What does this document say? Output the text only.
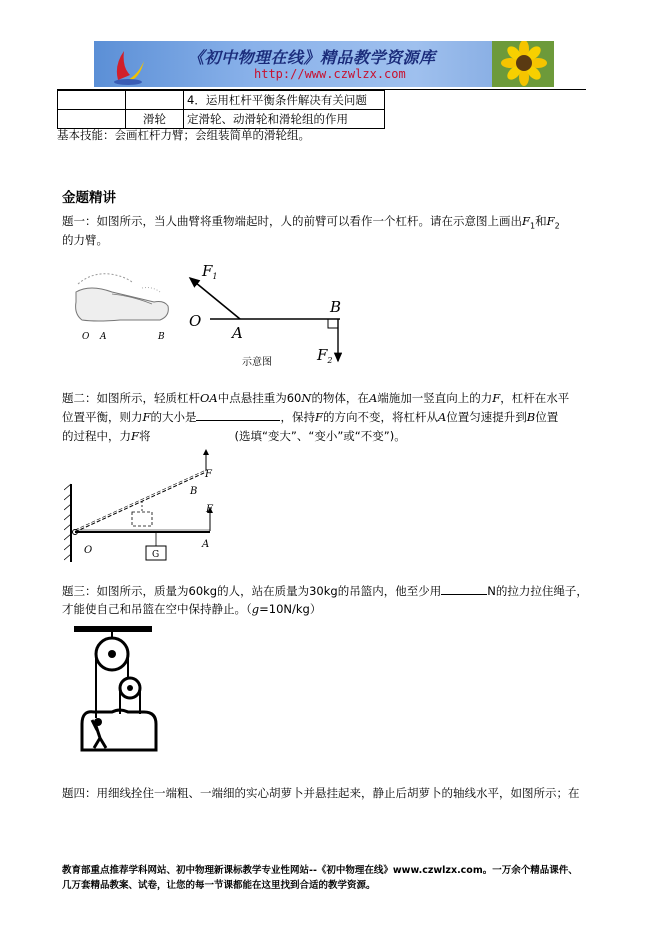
《初中物理在线》精品教学资源库
http://www.czwlzx.com
		4．运用杠杆平衡条件解决有关问题
	滑轮	定滑轮、动滑轮和滑轮组的作用
基本技能：会画杠杆力臂；会组装简单的滑轮组。
金题精讲
题一：如图所示，当人曲臂将重物端起时，人的前臂可以看作一个杠杆。请在示意图上画出$F_1$和$F_2$
的力臂。
O A	B
$F_1$
O
A
B
$F_2$
示意图
题二：如图所示，轻质杠杆OA中点悬挂重为60N的物体，在A端施加一竖直向上的力F，杠杆在水平
位置平衡，则力F的大小是	，保持F的方向不变，将杠杆从A位置匀速提升到B位置
的过程中，力F将	(选填“变大”、“变小”或“不变”)。
F
B
F
O	G
A
题三：如图所示，质量为60kg的人，站在质量为30kg的吊篮内，他至少用	N的拉力拉住绳子，
才能使自己和吊篮在空中保持静止。（g=10N/kg）
题四：用细线拴住一端粗、一端细的实心胡萝卜并悬挂起来，静止后胡萝卜的轴线水平，如图所示；在
教育部重点推荐学科网站、初中物理新课标教学专业性网站--《初中物理在线》www.czwlzx.com。一万余个精品课件、
几万套精品教案、试卷，让您的每一节课都能在这里找到合适的教学资源。
